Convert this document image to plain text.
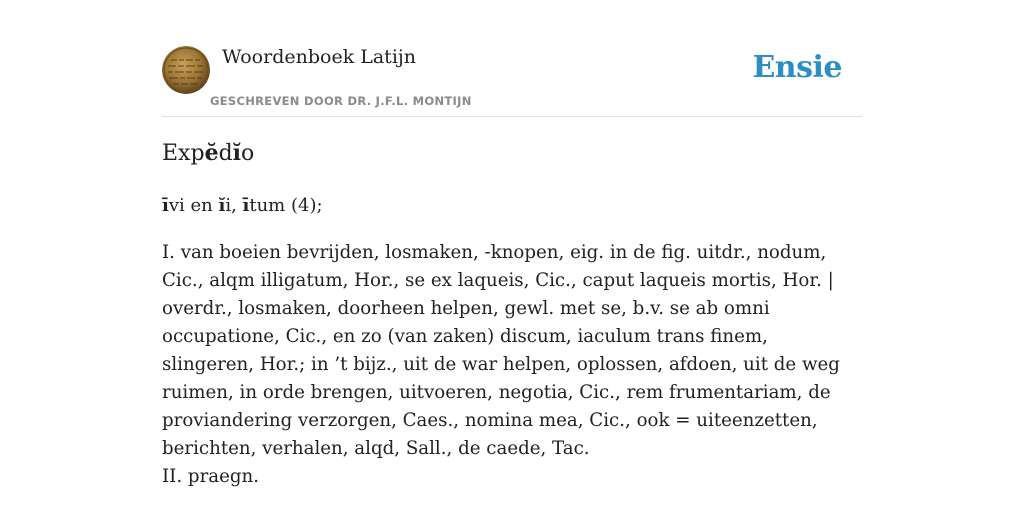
Woordenboek Latijn
GESCHREVEN DOOR DR. J.F.L. MONTIJN
Ensie
Expĕdĭo
īvi en ĭi, ītum (4);

I. van boeien bevrijden, losmaken, -knopen, eig. in de fig. uitdr., nodum, Cic., alqm illigatum, Hor., se ex laqueis, Cic., caput laqueis mortis, Hor. | overdr., losmaken, doorheen helpen, gewl. met se, b.v. se ab omni occupatione, Cic., en zo (van zaken) discum, iaculum trans finem, slingeren, Hor.; in ’t bijz., uit de war helpen, oplossen, afdoen, uit de weg ruimen, in orde brengen, uitvoeren, negotia, Cic., rem frumentariam, de proviandering verzorgen, Caes., nomina mea, Cic., ook = uiteenzetten, berichten, verhalen, alqd, Sall., de caede, Tac.

II. praegn.
